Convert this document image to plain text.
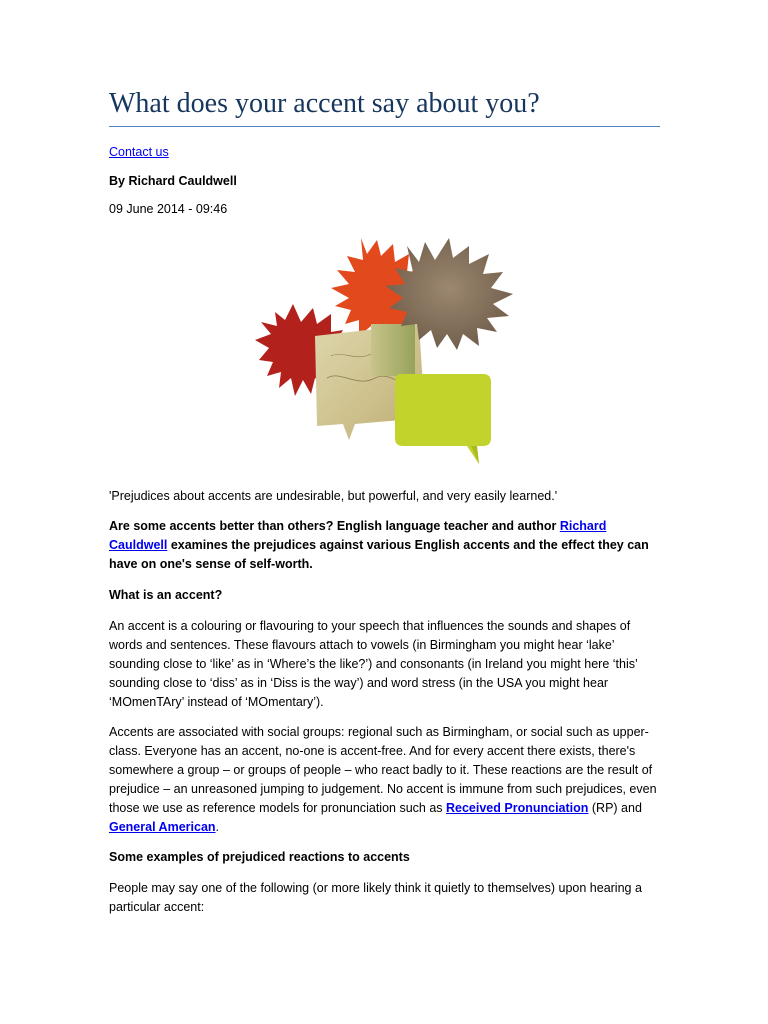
What does your accent say about you?
Contact us
By Richard Cauldwell
09 June 2014 - 09:46
'Prejudices about accents are undesirable, but powerful, and very easily learned.'
Are some accents better than others? English language teacher and author Richard Cauldwell examines the prejudices against various English accents and the effect they can have on one's sense of self-worth.
What is an accent?
An accent is a colouring or flavouring to your speech that influences the sounds and shapes of words and sentences. These flavours attach to vowels (in Birmingham you might hear ‘lake’ sounding close to ‘like’ as in ‘Where’s the like?’) and consonants (in Ireland you might here ‘this’ sounding close to ‘diss’ as in ‘Diss is the way’) and word stress (in the USA you might hear ‘MOmenTAry’ instead of ‘MOmentary’).
Accents are associated with social groups: regional such as Birmingham, or social such as upper-class. Everyone has an accent, no-one is accent-free. And for every accent there exists, there's somewhere a group – or groups of people – who react badly to it. These reactions are the result of prejudice – an unreasoned jumping to judgement. No accent is immune from such prejudices, even those we use as reference models for pronunciation such as Received Pronunciation (RP) and General American.
Some examples of prejudiced reactions to accents
People may say one of the following (or more likely think it quietly to themselves) upon hearing a particular accent:
